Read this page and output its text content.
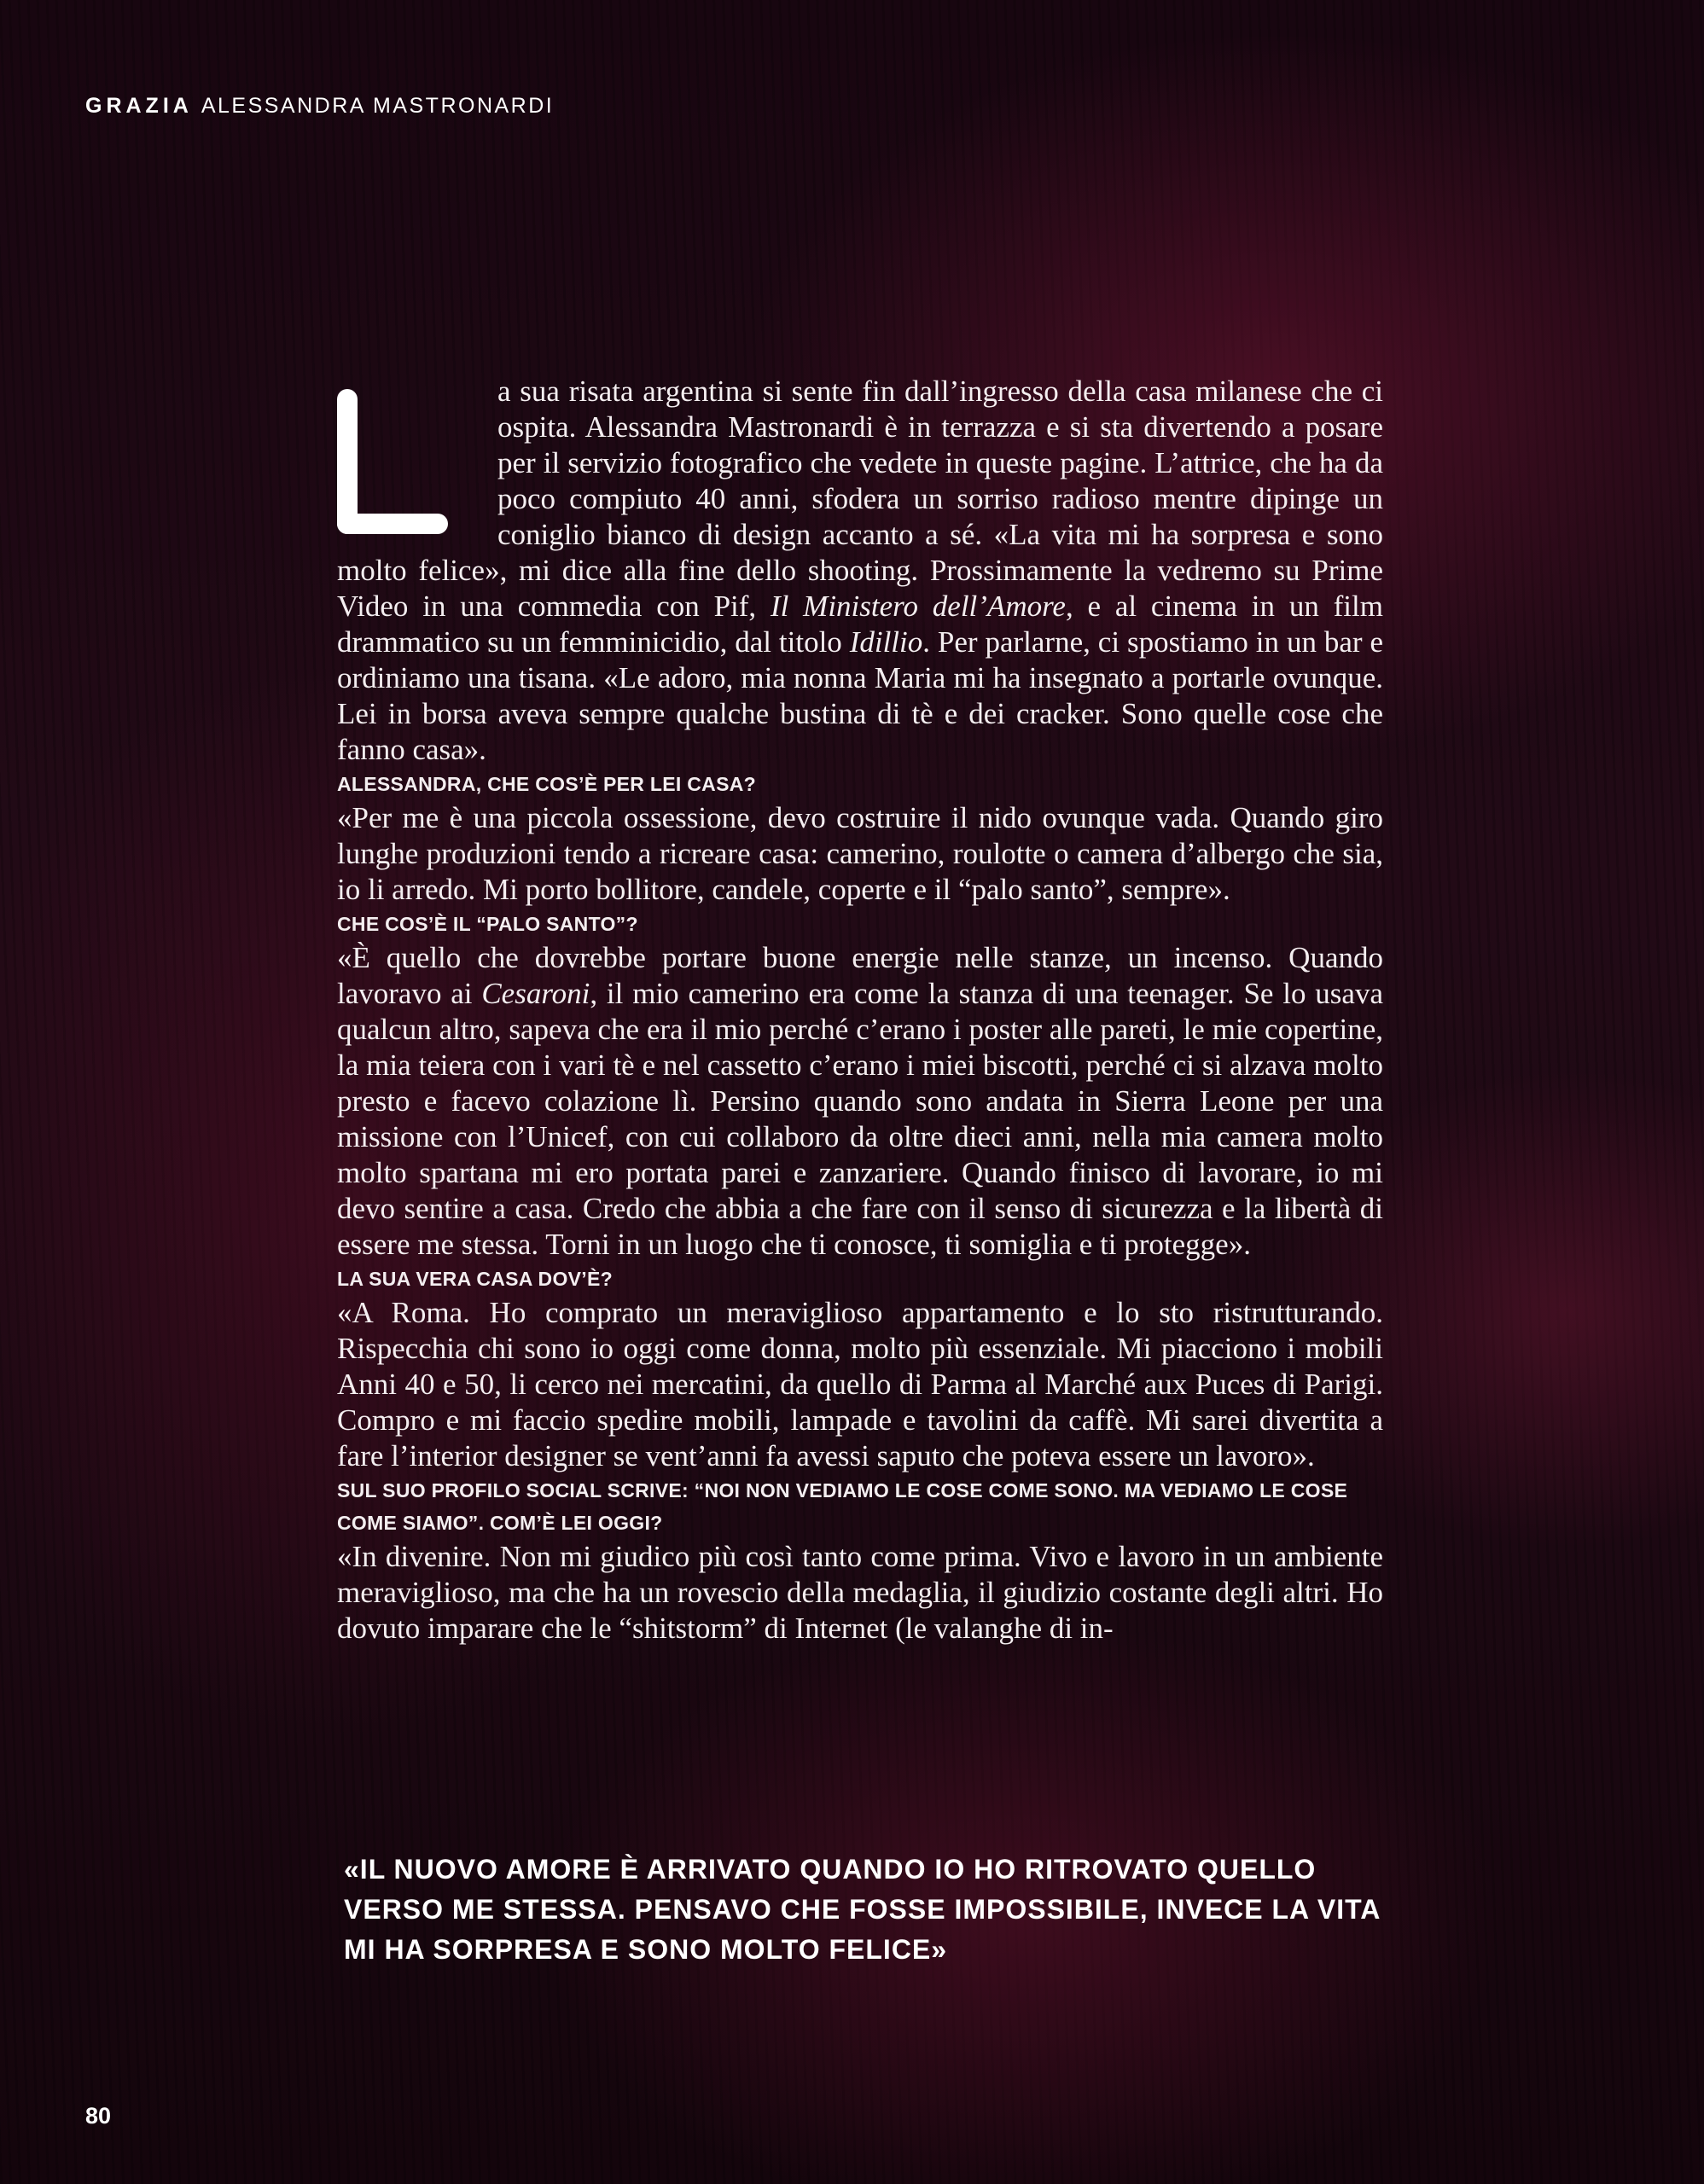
GRAZIA ALESSANDRA MASTRONARDI

a sua risata argentina si sente fin dall’ingresso della casa milanese che ci ospita. Alessandra Mastronardi è in terrazza e si sta divertendo a posare per il servizio fotografico che vedete in queste pagine. L’attrice, che ha da poco compiuto 40 anni, sfodera un sorriso radioso mentre dipinge un coniglio bianco di design accanto a sé. «La vita mi ha sorpresa e sono molto felice», mi dice alla fine dello shooting. Prossimamente la vedremo su Prime Video in una commedia con Pif, Il Ministero dell’Amore, e al cinema in un film drammatico su un femminicidio, dal titolo Idillio. Per parlarne, ci spostiamo in un bar e ordiniamo una tisana. «Le adoro, mia nonna Maria mi ha insegnato a portarle ovunque. Lei in borsa aveva sempre qualche bustina di tè e dei cracker. Sono quelle cose che fanno casa».

ALESSANDRA, CHE COS’È PER LEI CASA?

«Per me è una piccola ossessione, devo costruire il nido ovunque vada. Quando giro lunghe produzioni tendo a ricreare casa: camerino, roulotte o camera d’albergo che sia, io li arredo. Mi porto bollitore, candele, coperte e il “palo santo”, sempre».

CHE COS’È IL “PALO SANTO”?

«È quello che dovrebbe portare buone energie nelle stanze, un incenso. Quando lavoravo ai Cesaroni, il mio camerino era come la stanza di una teenager. Se lo usava qualcun altro, sapeva che era il mio perché c’erano i poster alle pareti, le mie copertine, la mia teiera con i vari tè e nel cassetto c’erano i miei biscotti, perché ci si alzava molto presto e facevo colazione lì. Persino quando sono andata in Sierra Leone per una missione con l’Unicef, con cui collaboro da oltre dieci anni, nella mia camera molto molto spartana mi ero portata parei e zanzariere. Quando finisco di lavorare, io mi devo sentire a casa. Credo che abbia a che fare con il senso di sicurezza e la libertà di essere me stessa. Torni in un luogo che ti conosce, ti somiglia e ti protegge».

LA SUA VERA CASA DOV’È?

«A Roma. Ho comprato un meraviglioso appartamento e lo sto ristrutturando. Rispecchia chi sono io oggi come donna, molto più essenziale. Mi piacciono i mobili Anni 40 e 50, li cerco nei mercatini, da quello di Parma al Marché aux Puces di Parigi. Compro e mi faccio spedire mobili, lampade e tavolini da caffè. Mi sarei divertita a fare l’interior designer se vent’anni fa avessi saputo che poteva essere un lavoro».

SUL SUO PROFILO SOCIAL SCRIVE: “NOI NON VEDIAMO LE COSE COME SONO. MA VEDIAMO LE COSE COME SIAMO”. COM’È LEI OGGI?

«In divenire. Non mi giudico più così tanto come prima. Vivo e lavoro in un ambiente meraviglioso, ma che ha un rovescio della medaglia, il giudizio costante degli altri. Ho dovuto imparare che le “shitstorm” di Internet (le valanghe di in-

«IL NUOVO AMORE È ARRIVATO QUANDO IO HO RITROVATO QUELLO VERSO ME STESSA. PENSAVO CHE FOSSE IMPOSSIBILE, INVECE LA VITA MI HA SORPRESA E SONO MOLTO FELICE»
80
